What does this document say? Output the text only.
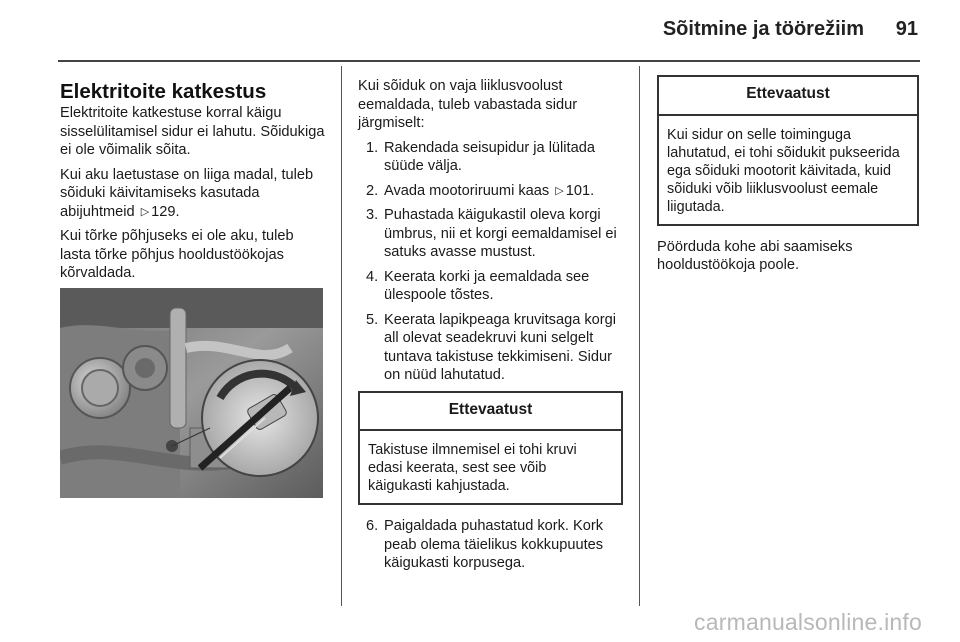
Sõitmine ja töörežiim 91
Elektritoite katkestus

Elektritoite katkestuse korral käigu sisselülitamisel sidur ei lahutu. Sõidukiga ei ole võimalik sõita.

Kui aku laetustase on liiga madal, tuleb sõiduki käivitamiseks kasutada abijuhtmeid ▷ 129.

Kui tõrke põhjuseks ei ole aku, tuleb lasta tõrke põhjus hooldustöökojas kõrvaldada.

Kui sõiduk on vaja liiklusvoolust eemaldada, tuleb vabastada sidur järgmiselt:

1. Rakendada seisupidur ja lülitada süüde välja.
2. Avada mootoriruumi kaas ▷ 101.
3. Puhastada käigukastil oleva korgi ümbrus, nii et korgi eemaldamisel ei satuks avasse mustust.
4. Keerata korki ja eemaldada see ülespoole tõstes.
5. Keerata lapikpeaga kruvitsaga korgi all olevat seadekruvi kuni selgelt tuntava takistuse tekkimiseni. Sidur on nüüd lahutatud.
Ettevaatust
Takistuse ilmnemisel ei tohi kruvi edasi keerata, sest see võib käigukasti kahjustada.
6. Paigaldada puhastatud kork. Kork peab olema täielikus kokkupuutes käigukasti korpusega.
Ettevaatust
Kui sidur on selle toiminguga lahutatud, ei tohi sõidukit pukseerida ega sõiduki mootorit käivitada, kuid sõiduki võib liiklusvoolust eemale liigutada.

Pöörduda kohe abi saamiseks hooldustöökoja poole.

carmanualsonline.info
